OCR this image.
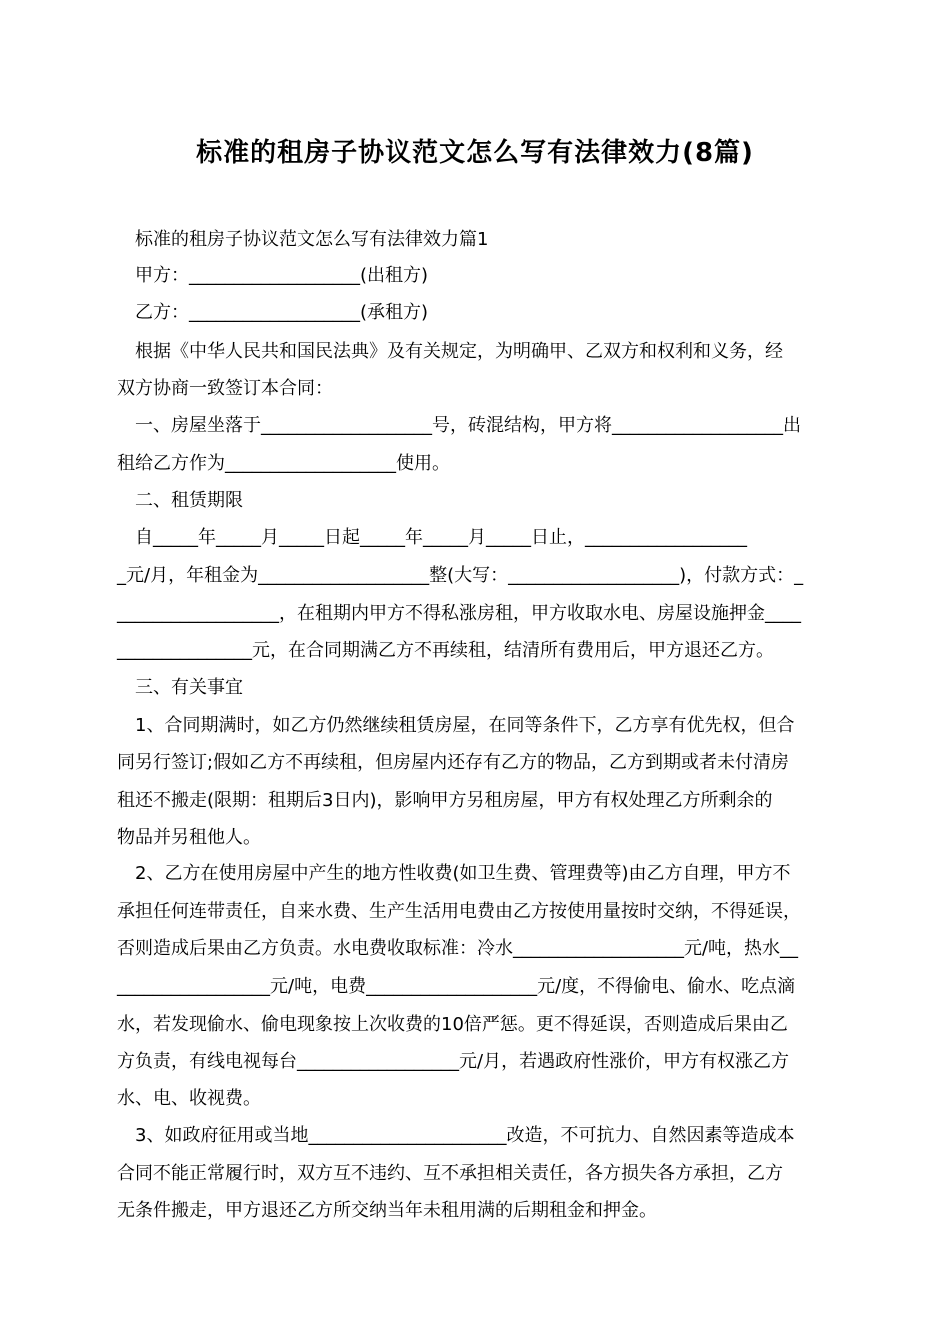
标准的租房子协议范文怎么写有法律效力(8篇)
标准的租房子协议范文怎么写有法律效力篇1
甲方：___________________(出租方)
乙方：___________________(承租方)
根据《中华人民共和国民法典》及有关规定，为明确甲、乙双方和权利和义务，经
双方协商一致签订本合同：
一、房屋坐落于___________________号，砖混结构，甲方将___________________出
租给乙方作为___________________使用。
二、租赁期限
自_____年_____月_____日起_____年_____月_____日止，__________________
_元/月，年租金为___________________整(大写：___________________)，付款方式：_
__________________，在租期内甲方不得私涨房租，甲方收取水电、房屋设施押金____
_______________元，在合同期满乙方不再续租，结清所有费用后，甲方退还乙方。
三、有关事宜
1、合同期满时，如乙方仍然继续租赁房屋，在同等条件下，乙方享有优先权，但合
同另行签订;假如乙方不再续租，但房屋内还存有乙方的物品，乙方到期或者未付清房
租还不搬走(限期：租期后3日内)，影响甲方另租房屋，甲方有权处理乙方所剩余的
物品并另租他人。
2、乙方在使用房屋中产生的地方性收费(如卫生费、管理费等)由乙方自理，甲方不
承担任何连带责任，自来水费、生产生活用电费由乙方按使用量按时交纳，不得延误，
否则造成后果由乙方负责。水电费收取标准：冷水___________________元/吨，热水__
_________________元/吨，电费___________________元/度，不得偷电、偷水、吃点滴
水，若发现偷水、偷电现象按上次收费的10倍严惩。更不得延误，否则造成后果由乙
方负责，有线电视每台__________________元/月，若遇政府性涨价，甲方有权涨乙方
水、电、收视费。
3、如政府征用或当地______________________改造，不可抗力、自然因素等造成本
合同不能正常履行时，双方互不违约、互不承担相关责任，各方损失各方承担，乙方
无条件搬走，甲方退还乙方所交纳当年未租用满的后期租金和押金。
